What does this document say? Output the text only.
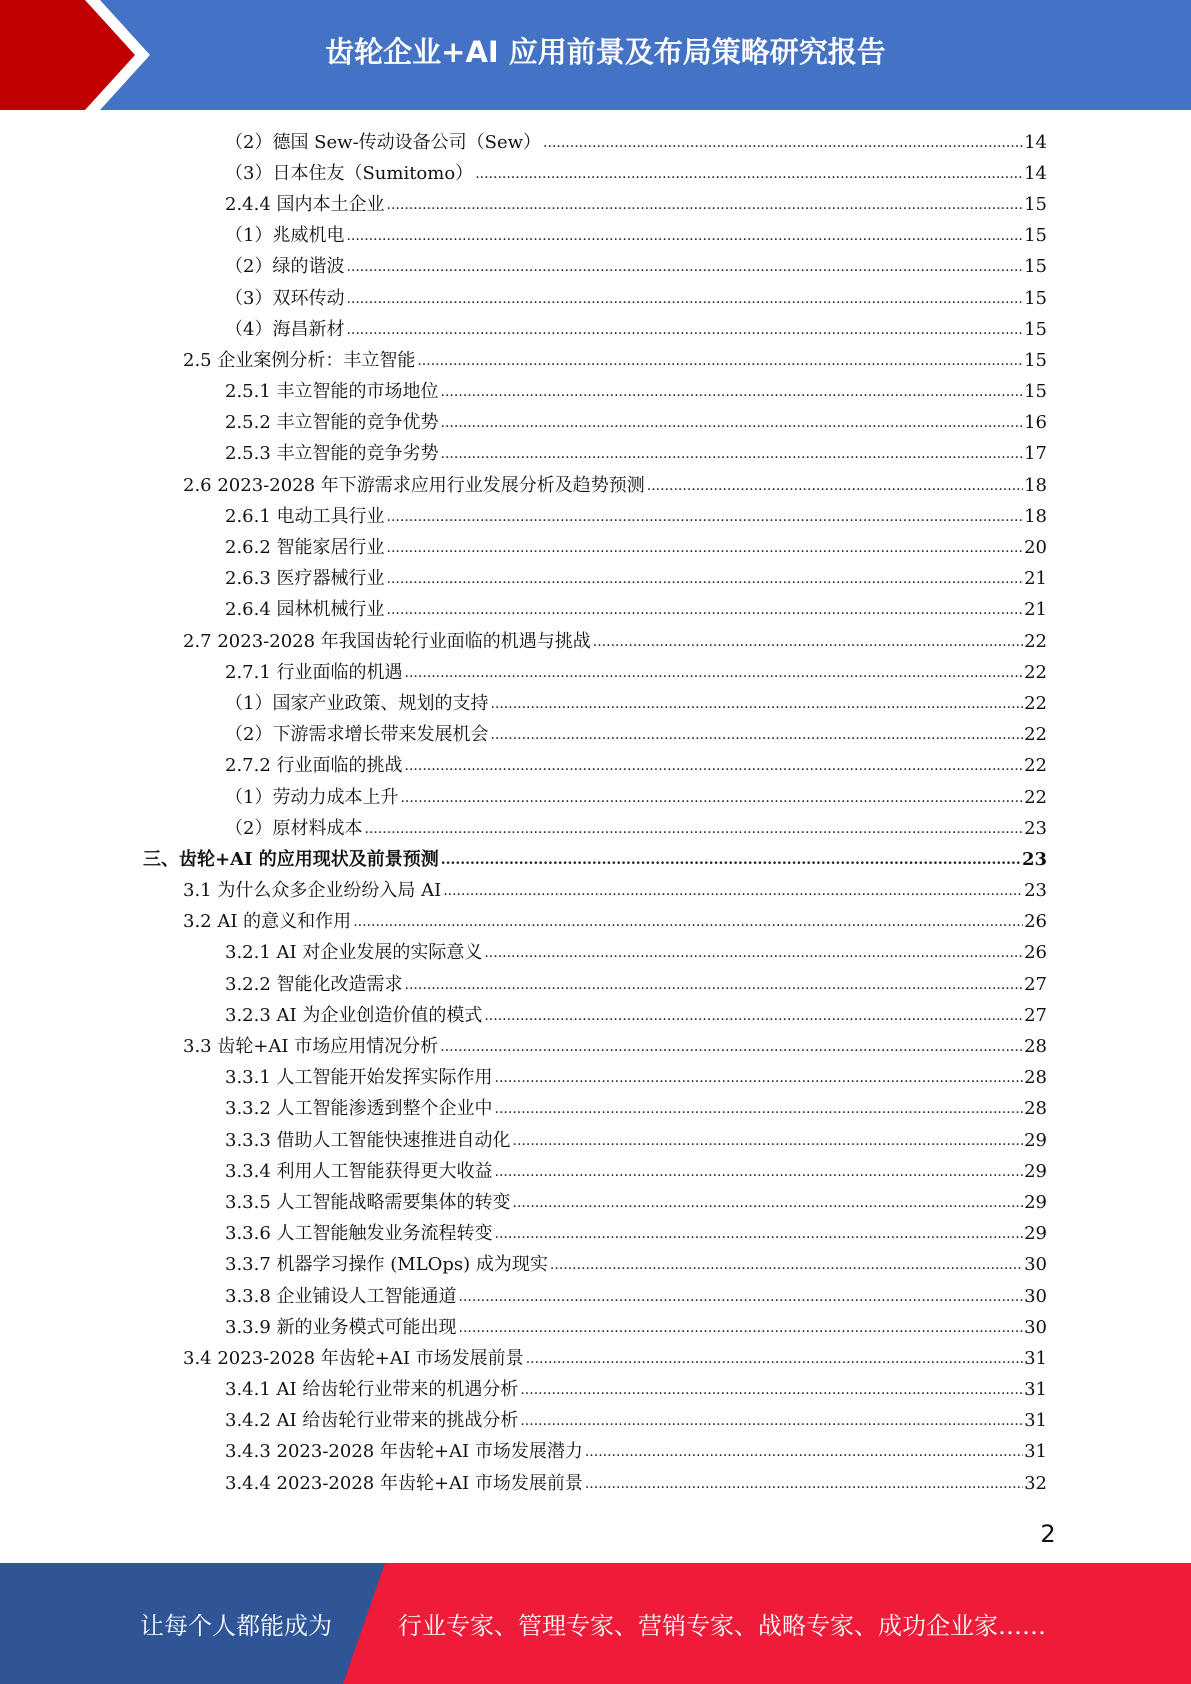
齿轮企业+AI 应用前景及布局策略研究报告
（2）德国 Sew-传动设备公司（Sew） .....	14
（3）日本住友（Sumitomo） .....	14
2.4.4 国内本土企业 .....	15
（1）兆威机电 .....	15
（2）绿的谐波 .....	15
（3）双环传动 .....	15
（4）海昌新材 .....	15
2.5 企业案例分析：丰立智能 .....	15
2.5.1 丰立智能的市场地位 .....	15
2.5.2 丰立智能的竞争优势 .....	16
2.5.3 丰立智能的竞争劣势 .....	17
2.6 2023-2028 年下游需求应用行业发展分析及趋势预测 .....	18
2.6.1 电动工具行业 .....	18
2.6.2 智能家居行业 .....	20
2.6.3 医疗器械行业 .....	21
2.6.4 园林机械行业 .....	21
2.7 2023-2028 年我国齿轮行业面临的机遇与挑战 .....	22
2.7.1 行业面临的机遇 .....	22
（1）国家产业政策、规划的支持 .....	22
（2）下游需求增长带来发展机会 .....	22
2.7.2 行业面临的挑战 .....	22
（1）劳动力成本上升 .....	22
（2）原材料成本 .....	23
三、齿轮+AI 的应用现状及前景预测 .....	23
3.1 为什么众多企业纷纷入局 AI .....	23
3.2 AI 的意义和作用 .....	26
3.2.1 AI 对企业发展的实际意义 .....	26
3.2.2 智能化改造需求 .....	27
3.2.3 AI 为企业创造价值的模式 .....	27
3.3 齿轮+AI 市场应用情况分析 .....	28
3.3.1 人工智能开始发挥实际作用 .....	28
3.3.2 人工智能渗透到整个企业中 .....	28
3.3.3 借助人工智能快速推进自动化 .....	29
3.3.4 利用人工智能获得更大收益 .....	29
3.3.5 人工智能战略需要集体的转变 .....	29
3.3.6 人工智能触发业务流程转变 .....	29
3.3.7 机器学习操作 (MLOps) 成为现实 .....	30
3.3.8 企业铺设人工智能通道 .....	30
3.3.9 新的业务模式可能出现 .....	30
3.4 2023-2028 年齿轮+AI 市场发展前景 .....	31
3.4.1 AI 给齿轮行业带来的机遇分析 .....	31
3.4.2 AI 给齿轮行业带来的挑战分析 .....	31
3.4.3 2023-2028 年齿轮+AI 市场发展潜力 .....	31
3.4.4 2023-2028 年齿轮+AI 市场发展前景 .....	32
2
让每个人都能成为	行业专家、管理专家、营销专家、战略专家、成功企业家……
